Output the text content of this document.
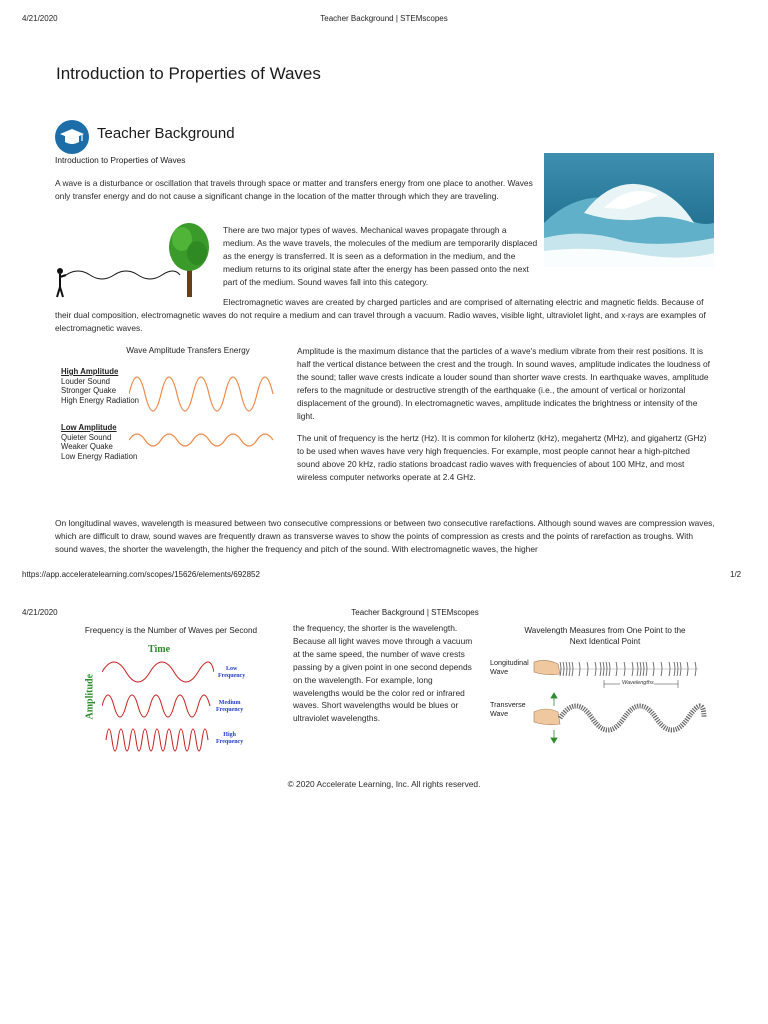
4/21/2020	Teacher Background | STEMscopes
Introduction to Properties of Waves
Teacher Background
Introduction to Properties of Waves

A wave is a disturbance or oscillation that travels through space or matter and transfers energy from one place to another. Waves only transfer energy and do not cause a significant change in the location of the matter through which they are traveling.

There are two major types of waves. Mechanical waves propagate through a medium. As the wave travels, the molecules of the medium are temporarily displaced as the energy is transferred. It is seen as a deformation in the medium, and the medium returns to its original state after the energy has been passed onto the next part of the medium. Sound waves fall into this category.

Electromagnetic waves are created by charged particles and are comprised of alternating electric and magnetic fields. Because of their dual composition, electromagnetic waves do not require a medium and can travel through a vacuum. Radio waves, visible light, ultraviolet light, and x-rays are examples of electromagnetic waves.

Wave Amplitude Transfers Energy
High Amplitude
Louder Sound
Stronger Quake
High Energy Radiation
Low Amplitude
Quieter Sound
Weaker Quake
Low Energy Radiation

Amplitude is the maximum distance that the particles of a wave's medium vibrate from their rest positions. It is half the vertical distance between the crest and the trough. In sound waves, amplitude indicates the loudness of the sound; taller wave crests indicate a louder sound than shorter wave crests. In earthquake waves, amplitude refers to the magnitude or destructive strength of the earthquake (i.e., the amount of vertical or horizontal displacement of the ground). In electromagnetic waves, amplitude indicates the brightness or intensity of the light.

The unit of frequency is the hertz (Hz). It is common for kilohertz (kHz), megahertz (MHz), and gigahertz (GHz) to be used when waves have very high frequencies. For example, most people cannot hear a high-pitched sound above 20 kHz, radio stations broadcast radio waves with frequencies of about 100 MHz, and most wireless computer networks operate at 2.4 GHz.

On longitudinal waves, wavelength is measured between two consecutive compressions or between two consecutive rarefactions. Although sound waves are compression waves, which are difficult to draw, sound waves are frequently drawn as transverse waves to show the points of compression as crests and the points of rarefaction as troughs. With sound waves, the shorter the wavelength, the higher the frequency and pitch of the sound. With electromagnetic waves, the higher

https://app.acceleratelearning.com/scopes/15626/elements/692852	1/2
4/21/2020	Teacher Background | STEMscopes
Frequency is the Number of Waves per Second
Time
Amplitude
Low
Frequency
Medium
Frequency
High
Frequency

the frequency, the shorter is the wavelength. Because all light waves move through a vacuum at the same speed, the number of wave crests passing by a given point in one second depends on the wavelength. For example, long wavelengths would be the color red or infrared waves. Short wavelengths would be blues or ultraviolet wavelengths.

Wavelength Measures from One Point to the
Next Identical Point
Longitudinal
Wave
Transverse
Wave
Wavelengths
© 2020 Accelerate Learning, Inc. All rights reserved.
